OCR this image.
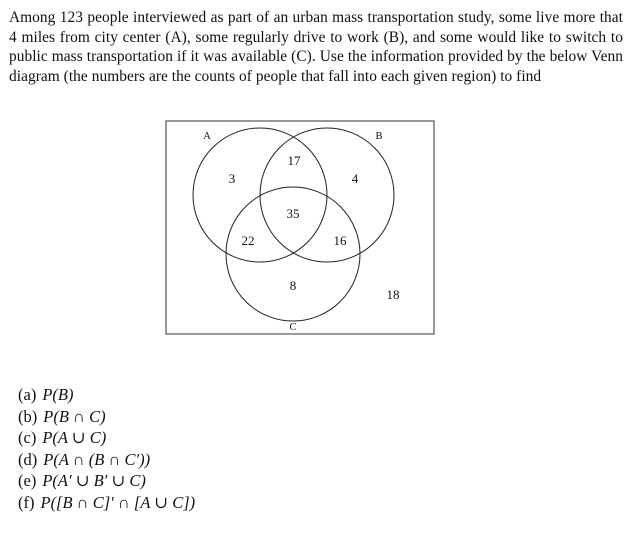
Among 123 people interviewed as part of an urban mass transportation study, some live more that 4 miles from city center (A), some regularly drive to work (B), and some would like to switch to public mass transportation if it was available (C). Use the information provided by the below Venn diagram (the numbers are the counts of people that fall into each given region) to find

A	B
C
3
17
4
35
22	16
8
18
(a) P(B)
(b) P(B ∩ C)
(c) P(A ∪ C)
(d) P(A ∩ (B ∩ C′))
(e) P(A′ ∪ B′ ∪ C)
(f) P([B ∩ C]′ ∩ [A ∪ C])
